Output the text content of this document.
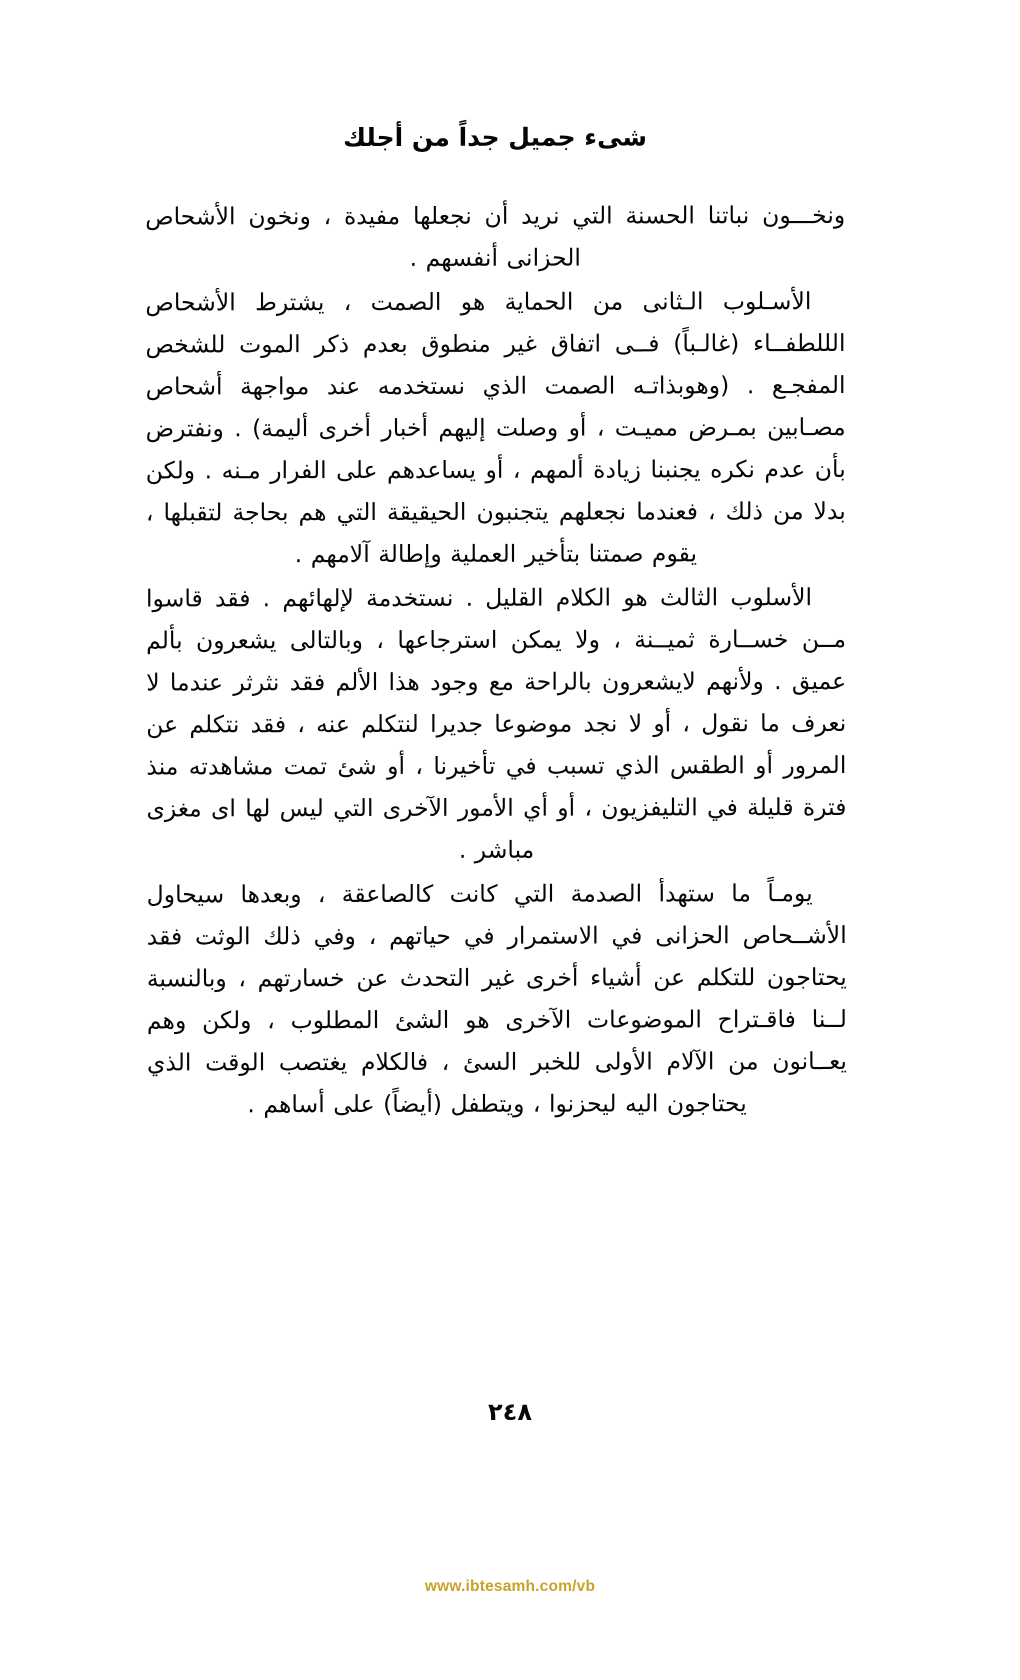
شىء جميل جداً من أجلك

ونخـــون نباتنا الحسنة التي نريد أن نجعلها مفيدة ، ونخون الأشحاص الحزانى أنفسهم .

الأسـلوب الـثانى من الحماية هو الصمت ، يشترط الأشحاص الللطفــاء (غالـباً) فــى اتفاق غير منطوق بعدم ذكر الموت للشخص المفجـع . (وهوبذاتـه الصمت الذي نستخدمه عند مواجهة أشحاص مصـابين بمـرض مميـت ، أو وصلت إليهم أخبار أخرى أليمة) . ونفترض بأن عدم نكره يجنبنا زيادة ألمهم ، أو يساعدهم على الفرار مـنه . ولكن بدلا من ذلك ، فعندما نجعلهم يتجنبون الحيقيقة التي هم بحاجة لتقبلها ، يقوم صمتنا بتأخير العملية وإطالة آلامهم .

الأسلوب الثالث هو الكلام القليل . نستخدمة لإلهائهم . فقد قاسوا مــن خســارة ثميــنة ، ولا يمكن استرجاعها ، وبالتالى يشعرون بألم عميق . ولأنهم لايشعرون بالراحة مع وجود هذا الألم فقد نثرثر عندما لا نعرف ما نقول ، أو لا نجد موضوعا جديرا لنتكلم عنه ، فقد نتكلم عن المرور أو الطقس الذي تسبب في تأخيرنا ، أو شئ تمت مشاهدته منذ فترة قليلة في التليفزيون ، أو أي الأمور الآخرى التي ليس لها اى مغزى مباشر .

يومـاً ما ستهدأ الصدمة التي كانت كالصاعقة ، وبعدها سيحاول الأشــحاص الحزانى في الاستمرار في حياتهم ، وفي ذلك الوثت فقد يحتاجون للتكلم عن أشياء أخرى غير التحدث عن خسارتهم ، وبالنسبة لــنا فاقـتراح الموضوعات الآخرى هو الشئ المطلوب ، ولكن وهم يعــانون من الآلام الأولى للخبر السئ ، فالكلام يغتصب الوقت الذي يحتاجون اليه ليحزنوا ، ويتطفل (أيضاً) على أساهم .

٢٤٨
www.ibtesamh.com/vb
